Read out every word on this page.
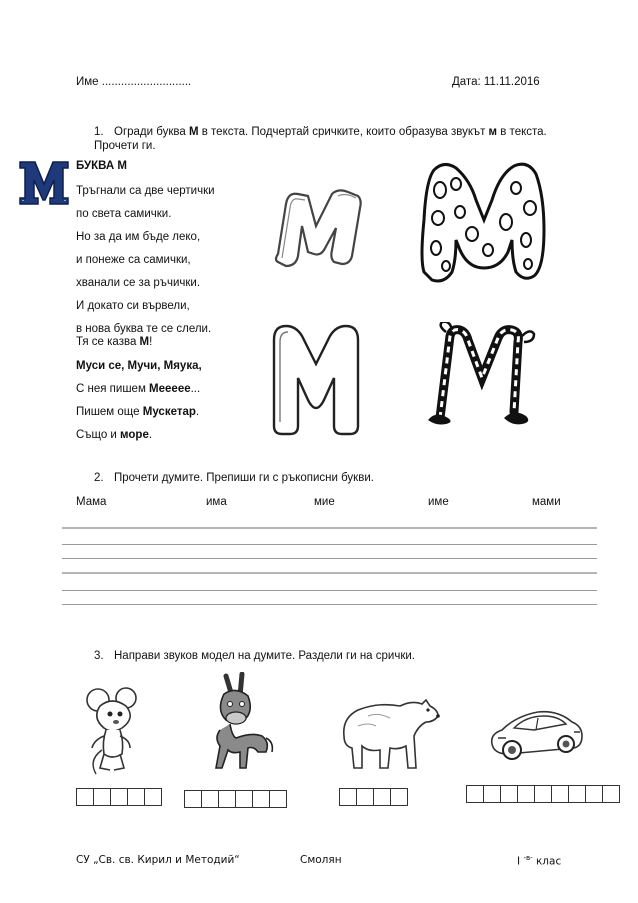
Име ............................	Дата: 11.11.2016
1. Огради буква М в текста. Подчертай сричките, които образува звукът м в текста.
Прочети ги.
БУКВА М
Тръгнали са две чертички
по света самички.
Но за да им бъде леко,
и понеже са самички,
хванали се за ръчички.
И докато си вървели,
в нова буква те се слели.
Тя се казва М!
Муси се, Мучи, Мяука,
С нея пишем Мееееe...
Пишем още Мускетар.
Също и море.
2. Прочети думите. Препиши ги с ръкописни букви.
Мама	има	мие	име	мами
3. Направи звуков модел на думите. Раздели ги на срички.
СУ „Св. св. Кирил и Методий“	Смолян	I $^{-в-}$ клас
